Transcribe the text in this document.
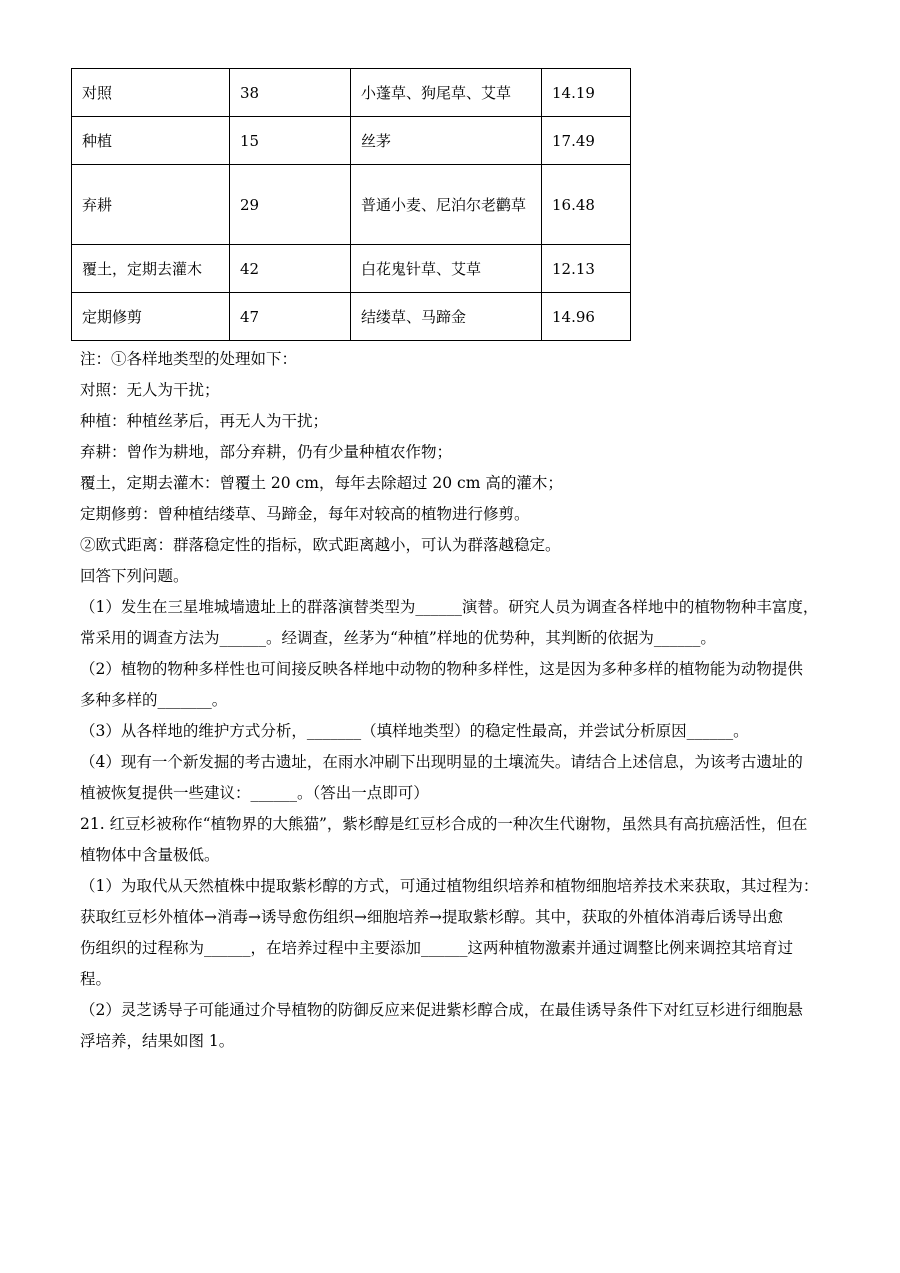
对照	38	小蓬草、狗尾草、艾草	14.19
种植	15	丝茅	17.49
弃耕	29	普通小麦、尼泊尔老鹳草	16.48
覆土，定期去灌木	42	白花鬼针草、艾草	12.13
定期修剪	47	结缕草、马蹄金	14.96
注：①各样地类型的处理如下：
对照：无人为干扰；
种植：种植丝茅后，再无人为干扰；
弃耕：曾作为耕地，部分弃耕，仍有少量种植农作物；
覆土，定期去灌木：曾覆土 20 cm，每年去除超过 20 cm 高的灌木；
定期修剪：曾种植结缕草、马蹄金，每年对较高的植物进行修剪。
②欧式距离：群落稳定性的指标，欧式距离越小，可认为群落越稳定。
回答下列问题。
（1）发生在三星堆城墙遗址上的群落演替类型为______演替。研究人员为调查各样地中的植物物种丰富度，
常采用的调查方法为______。经调查，丝茅为“种植”样地的优势种，其判断的依据为______。
（2）植物的物种多样性也可间接反映各样地中动物的物种多样性，这是因为多种多样的植物能为动物提供
多种多样的_______。
（3）从各样地的维护方式分析，_______（填样地类型）的稳定性最高，并尝试分析原因______。
（4）现有一个新发掘的考古遗址，在雨水冲刷下出现明显的土壤流失。请结合上述信息，为该考古遗址的
植被恢复提供一些建议：______。（答出一点即可）
21. 红豆杉被称作“植物界的大熊猫”，紫杉醇是红豆杉合成的一种次生代谢物，虽然具有高抗癌活性，但在
植物体中含量极低。
（1）为取代从天然植株中提取紫杉醇的方式，可通过植物组织培养和植物细胞培养技术来获取，其过程为：
获取红豆杉外植体→消毒→诱导愈伤组织→细胞培养→提取紫杉醇。其中，获取的外植体消毒后诱导出愈
伤组织的过程称为______，在培养过程中主要添加______这两种植物激素并通过调整比例来调控其培育过
程。
（2）灵芝诱导子可能通过介导植物的防御反应来促进紫杉醇合成，在最佳诱导条件下对红豆杉进行细胞悬
浮培养，结果如图 1。
